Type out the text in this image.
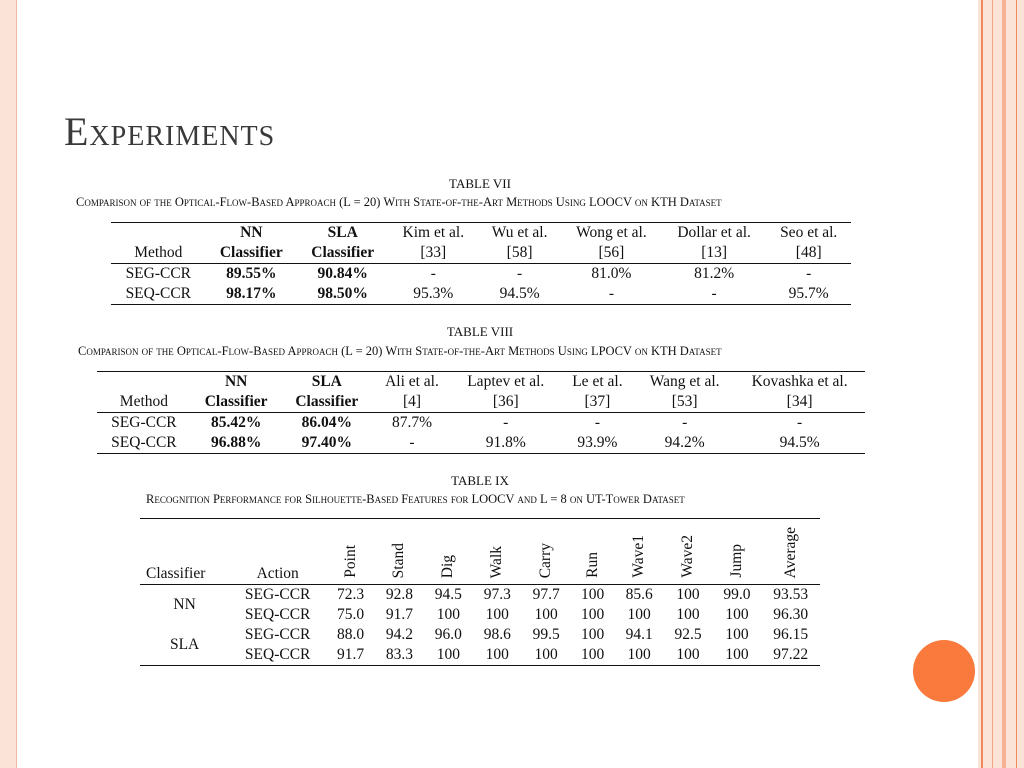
Experiments
TABLE VII
Comparison of the Optical-Flow-Based Approach (L = 20) With State-of-the-Art Methods Using LOOCV on KTH Dataset
	NN	SLA	Kim et al.	Wu et al.	Wong et al.	Dollar et al.	Seo et al.
Method	Classifier	Classifier	[33]	[58]	[56]	[13]	[48]
SEG-CCR	89.55%	90.84%	-	-	81.0%	81.2%	-
SEQ-CCR	98.17%	98.50%	95.3%	94.5%	-	-	95.7%
TABLE VIII
Comparison of the Optical-Flow-Based Approach (L = 20) With State-of-the-Art Methods Using LPOCV on KTH Dataset
	NN	SLA	Ali et al.	Laptev et al.	Le et al.	Wang et al.	Kovashka et al.
Method	Classifier	Classifier	[4]	[36]	[37]	[53]	[34]
SEG-CCR	85.42%	86.04%	87.7%	-	-	-	-
SEQ-CCR	96.88%	97.40%	-	91.8%	93.9%	94.2%	94.5%
TABLE IX
Recognition Performance for Silhouette-Based Features for LOOCV and L = 8 on UT-Tower Dataset
Classifier	Action	Point	Stand	Dig	Walk	Carry	Run	Wave1	Wave2	Jump	Average
NN	SEG-CCR	72.3	92.8	94.5	97.3	97.7	100	85.6	100	99.0	93.53
	SEQ-CCR	75.0	91.7	100	100	100	100	100	100	100	96.30
SLA	SEG-CCR	88.0	94.2	96.0	98.6	99.5	100	94.1	92.5	100	96.15
	SEQ-CCR	91.7	83.3	100	100	100	100	100	100	100	97.22
